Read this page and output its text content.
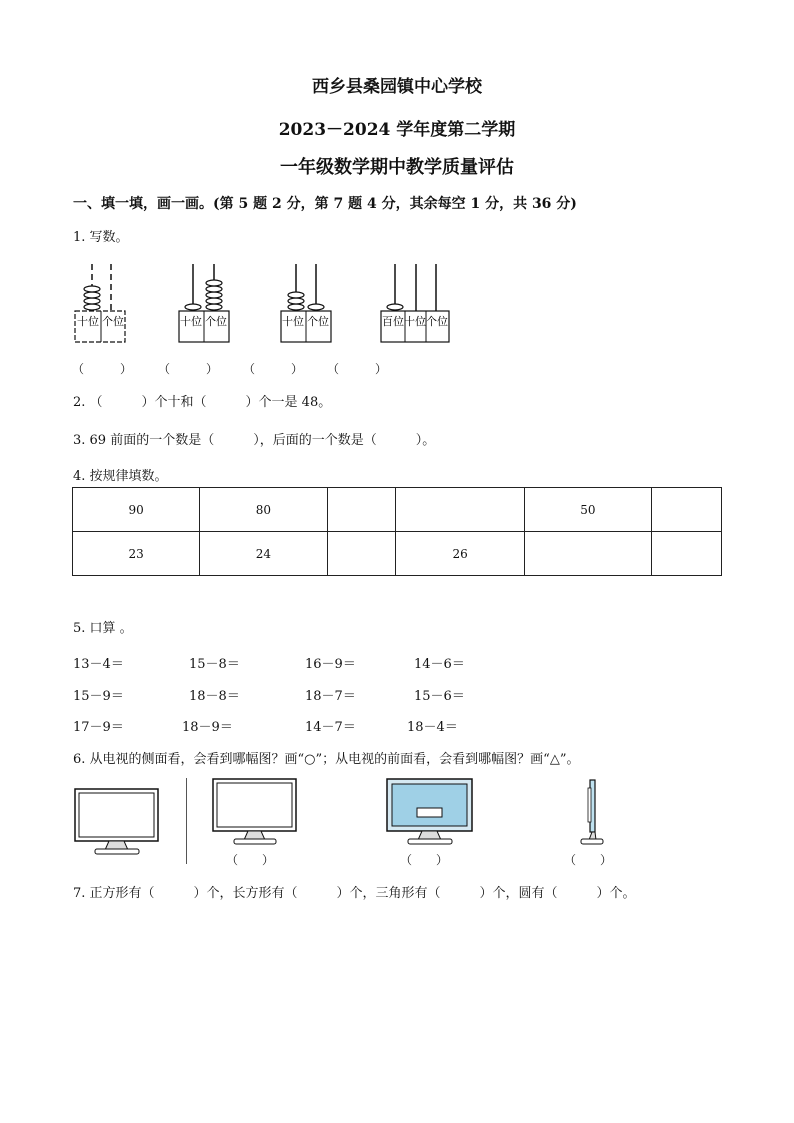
西乡县桑园镇中心学校
2023－2024 学年度第二学期
一年级数学期中教学质量评估
一、填一填，画一画。(第 5 题 2 分，第 7 题 4 分，其余每空 1 分，共 36 分)
1. 写数。
十位 个位	十位 个位	十位 个位	百位 十位 个位
（　　　） （　　　） （　　　） （　　　）
2. （　　　）个十和（　　　）个一是 48。
3. 69 前面的一个数是（　　　），后面的一个数是（　　　）。
4. 按规律填数。
90	80			50	
23	24		26		
5. 口算 。
13－4＝	15－8＝	16－9＝	14－6＝
15－9＝	18－8＝	18－7＝	15－6＝
17－9＝	18－9＝	14－7＝	18－4＝
6. 从电视的侧面看，会看到哪幅图？画“○”；从电视的前面看，会看到哪幅图？画“△”。
（　　）	（　　）	（　　）
7. 正方形有（　　　）个，长方形有（　　　）个，三角形有（　　　）个，圆有（　　　）个。
